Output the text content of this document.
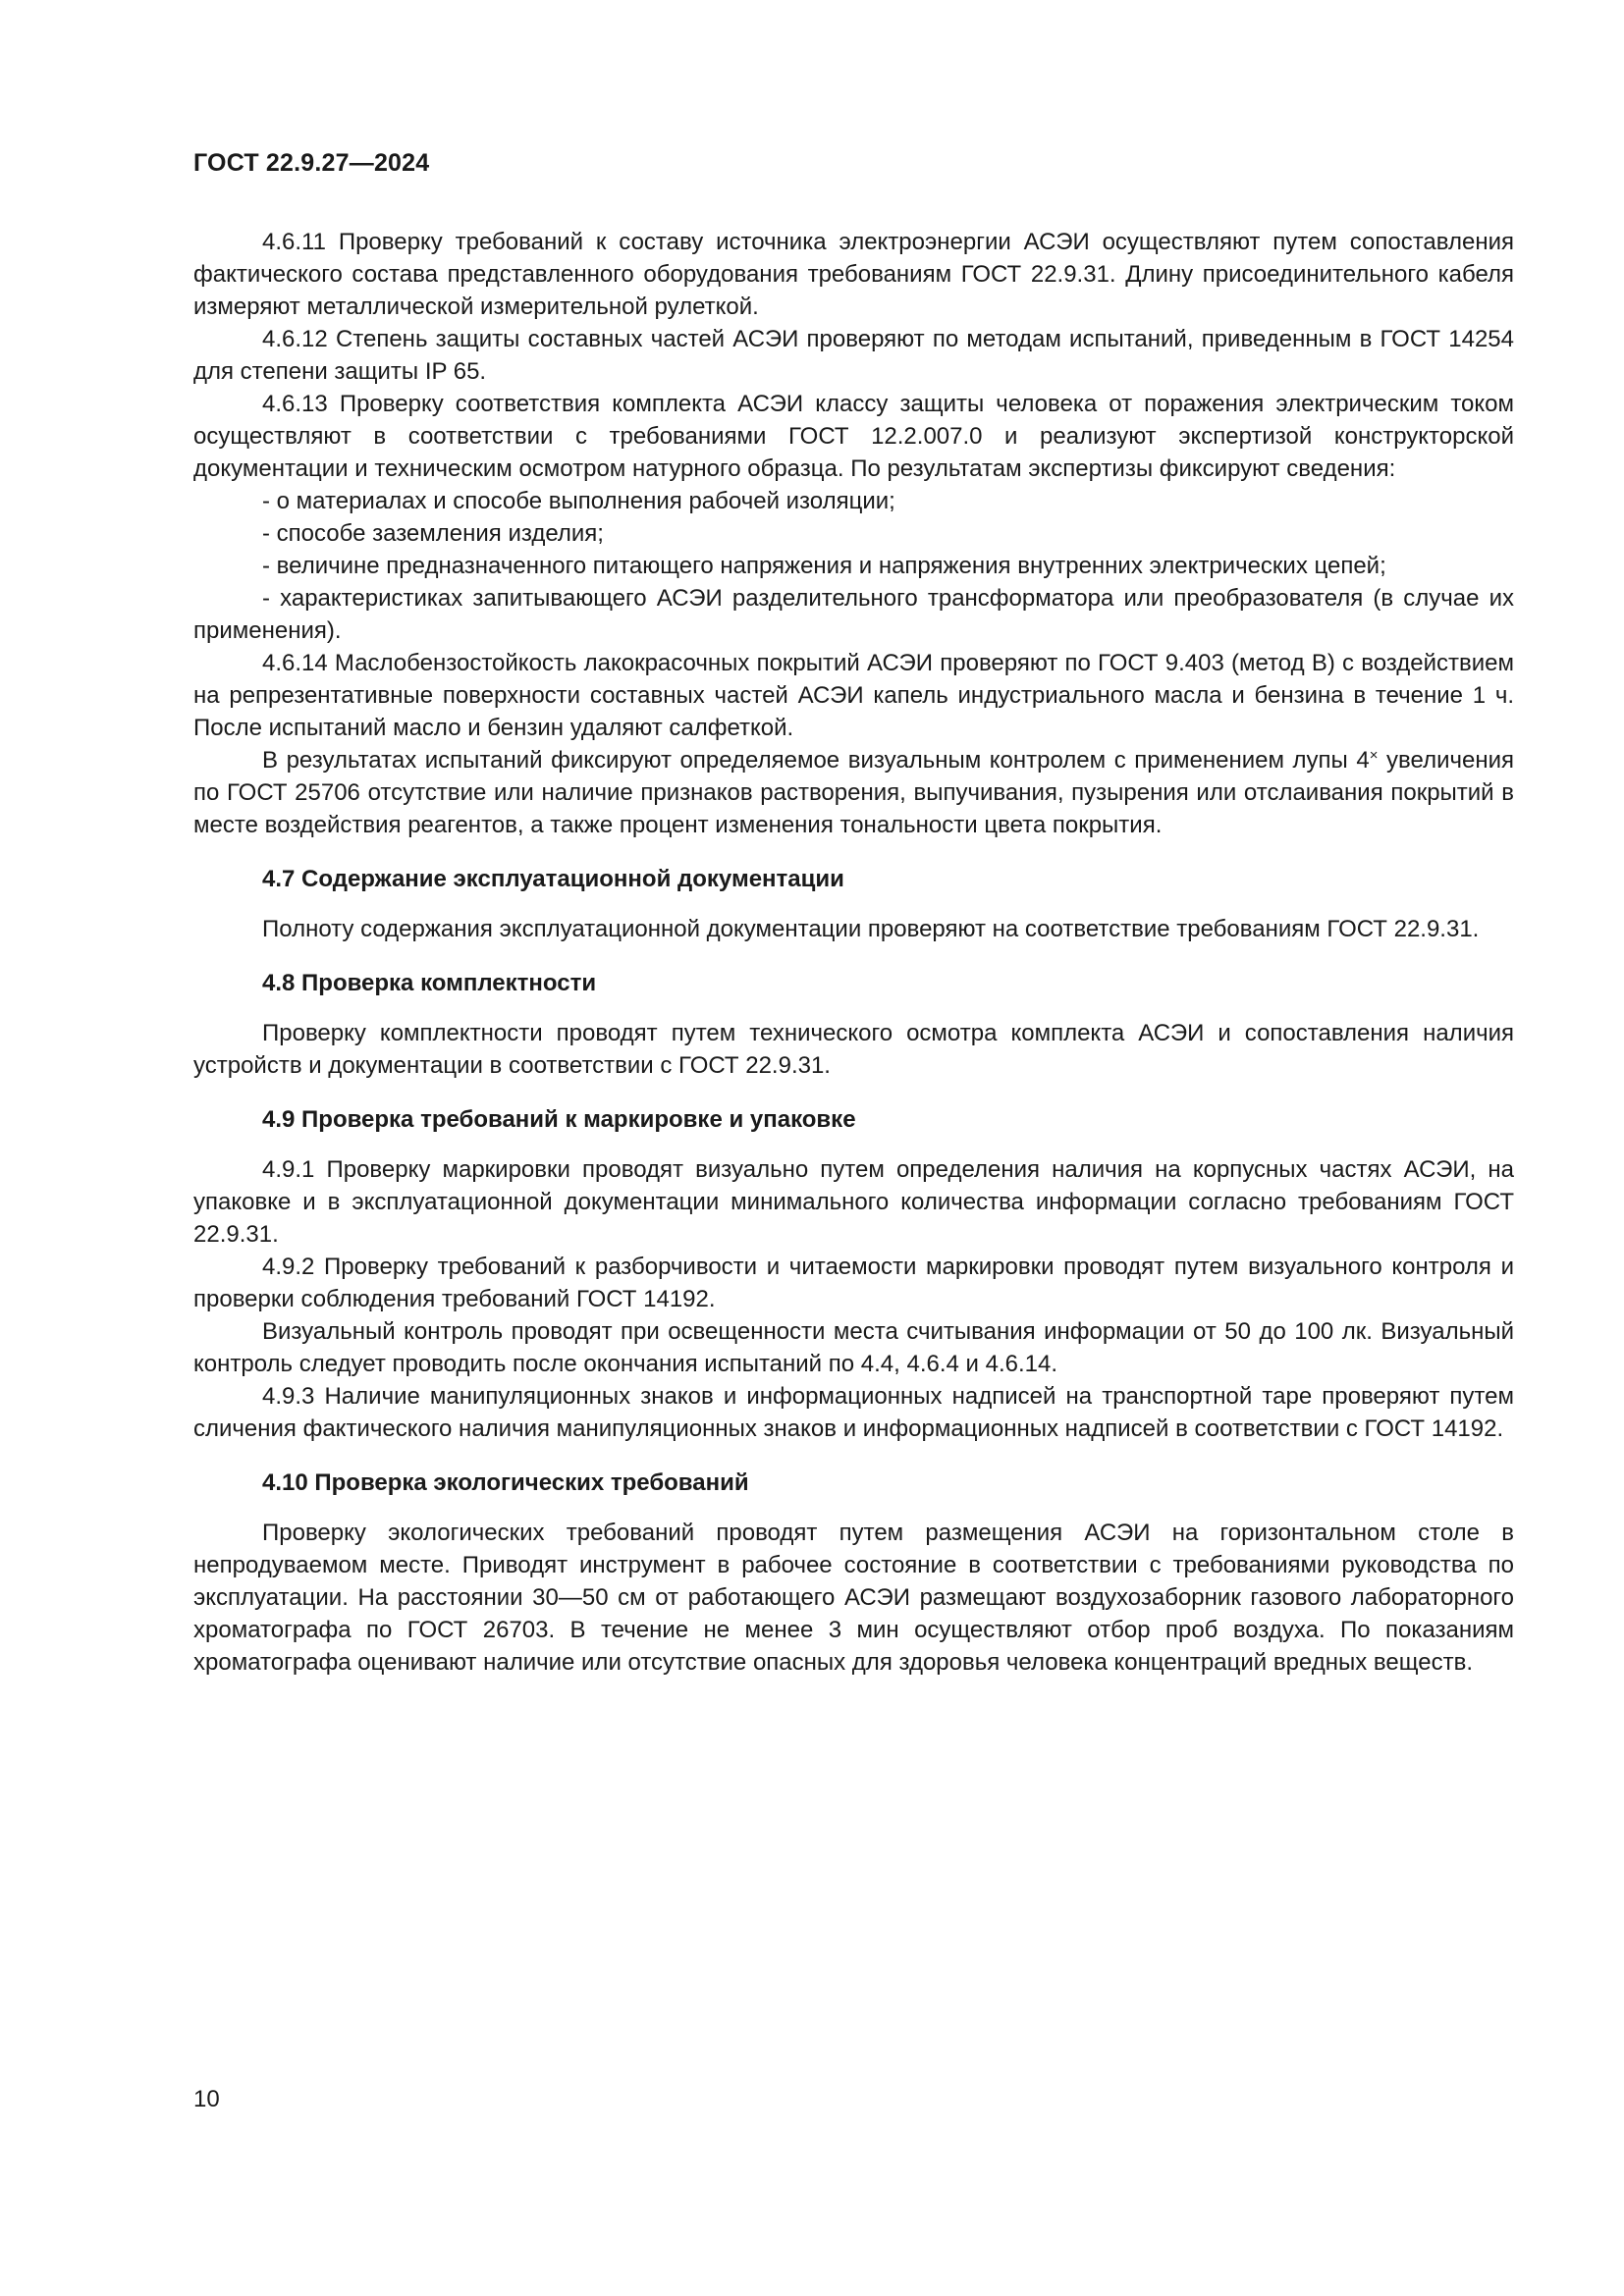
ГОСТ 22.9.27—2024

4.6.11 Проверку требований к составу источника электроэнергии АСЭИ осуществляют путем сопоставления фактического состава представленного оборудования требованиям ГОСТ 22.9.31. Длину присоединительного кабеля измеряют металлической измерительной рулеткой.

4.6.12 Степень защиты составных частей АСЭИ проверяют по методам испытаний, приведенным в ГОСТ 14254 для степени защиты IP 65.

4.6.13 Проверку соответствия комплекта АСЭИ классу защиты человека от поражения электрическим током осуществляют в соответствии с требованиями ГОСТ 12.2.007.0 и реализуют экспертизой конструкторской документации и техническим осмотром натурного образца. По результатам экспертизы фиксируют сведения:

- о материалах и способе выполнения рабочей изоляции;

- способе заземления изделия;

- величине предназначенного питающего напряжения и напряжения внутренних электрических цепей;

- характеристиках запитывающего АСЭИ разделительного трансформатора или преобразователя (в случае их применения).

4.6.14 Маслобензостойкость лакокрасочных покрытий АСЭИ проверяют по ГОСТ 9.403 (метод В) с воздействием на репрезентативные поверхности составных частей АСЭИ капель индустриального масла и бензина в течение 1 ч. После испытаний масло и бензин удаляют салфеткой.

В результатах испытаний фиксируют определяемое визуальным контролем с применением лупы 4× увеличения по ГОСТ 25706 отсутствие или наличие признаков растворения, выпучивания, пузырения или отслаивания покрытий в месте воздействия реагентов, а также процент изменения тональности цвета покрытия.

4.7 Содержание эксплуатационной документации

Полноту содержания эксплуатационной документации проверяют на соответствие требованиям ГОСТ 22.9.31.

4.8 Проверка комплектности

Проверку комплектности проводят путем технического осмотра комплекта АСЭИ и сопоставления наличия устройств и документации в соответствии с ГОСТ 22.9.31.

4.9 Проверка требований к маркировке и упаковке

4.9.1 Проверку маркировки проводят визуально путем определения наличия на корпусных частях АСЭИ, на упаковке и в эксплуатационной документации минимального количества информации согласно требованиям ГОСТ 22.9.31.

4.9.2 Проверку требований к разборчивости и читаемости маркировки проводят путем визуального контроля и проверки соблюдения требований ГОСТ 14192.

Визуальный контроль проводят при освещенности места считывания информации от 50 до 100 лк. Визуальный контроль следует проводить после окончания испытаний по 4.4, 4.6.4 и 4.6.14.

4.9.3 Наличие манипуляционных знаков и информационных надписей на транспортной таре проверяют путем сличения фактического наличия манипуляционных знаков и информационных надписей в соответствии с ГОСТ 14192.

4.10 Проверка экологических требований

Проверку экологических требований проводят путем размещения АСЭИ на горизонтальном столе в непродуваемом месте. Приводят инструмент в рабочее состояние в соответствии с требованиями руководства по эксплуатации. На расстоянии 30—50 см от работающего АСЭИ размещают воздухозаборник газового лабораторного хроматографа по ГОСТ 26703. В течение не менее 3 мин осуществляют отбор проб воздуха. По показаниям хроматографа оценивают наличие или отсутствие опасных для здоровья человека концентраций вредных веществ.

10
